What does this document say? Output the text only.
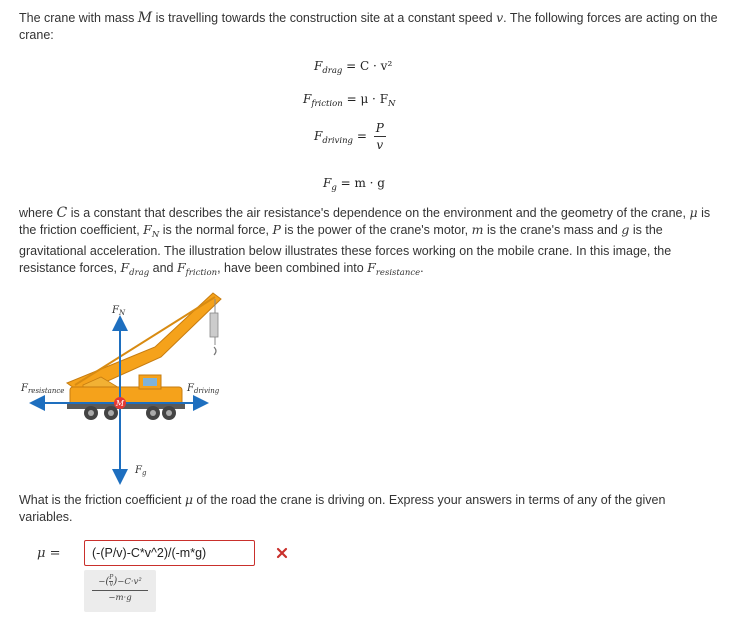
The crane with mass M is travelling towards the construction site at a constant speed v. The following forces are acting on the crane:
$F_{drag} = C \cdot v^2$
$F_{friction} = \mu \cdot F_N$
$F_{driving} = \frac{P}{v}$
$F_g = m \cdot g$
where C is a constant that describes the air resistance's dependence on the environment and the geometry of the crane, μ is the friction coefficient, $F_N$ is the normal force, P is the power of the crane's motor, m is the crane's mass and g is the gravitational acceleration. The illustration below illustrates these forces working on the mobile crane. In this image, the resistance forces, $F_{drag}$ and $F_{friction}$, have been combined into $F_{resistance}$.
M
$F_N$
$F_{resistance}$	$F_{driving}$
$F_g$
What is the friction coefficient μ of the road the crane is driving on. Express your answers in terms of any of the given variables.
μ =
(-(P/v)-C*v^2)/(-m*g)
$\frac{-( \frac{P}{v} )-C\cdot v^2}{-m\cdot g}$
